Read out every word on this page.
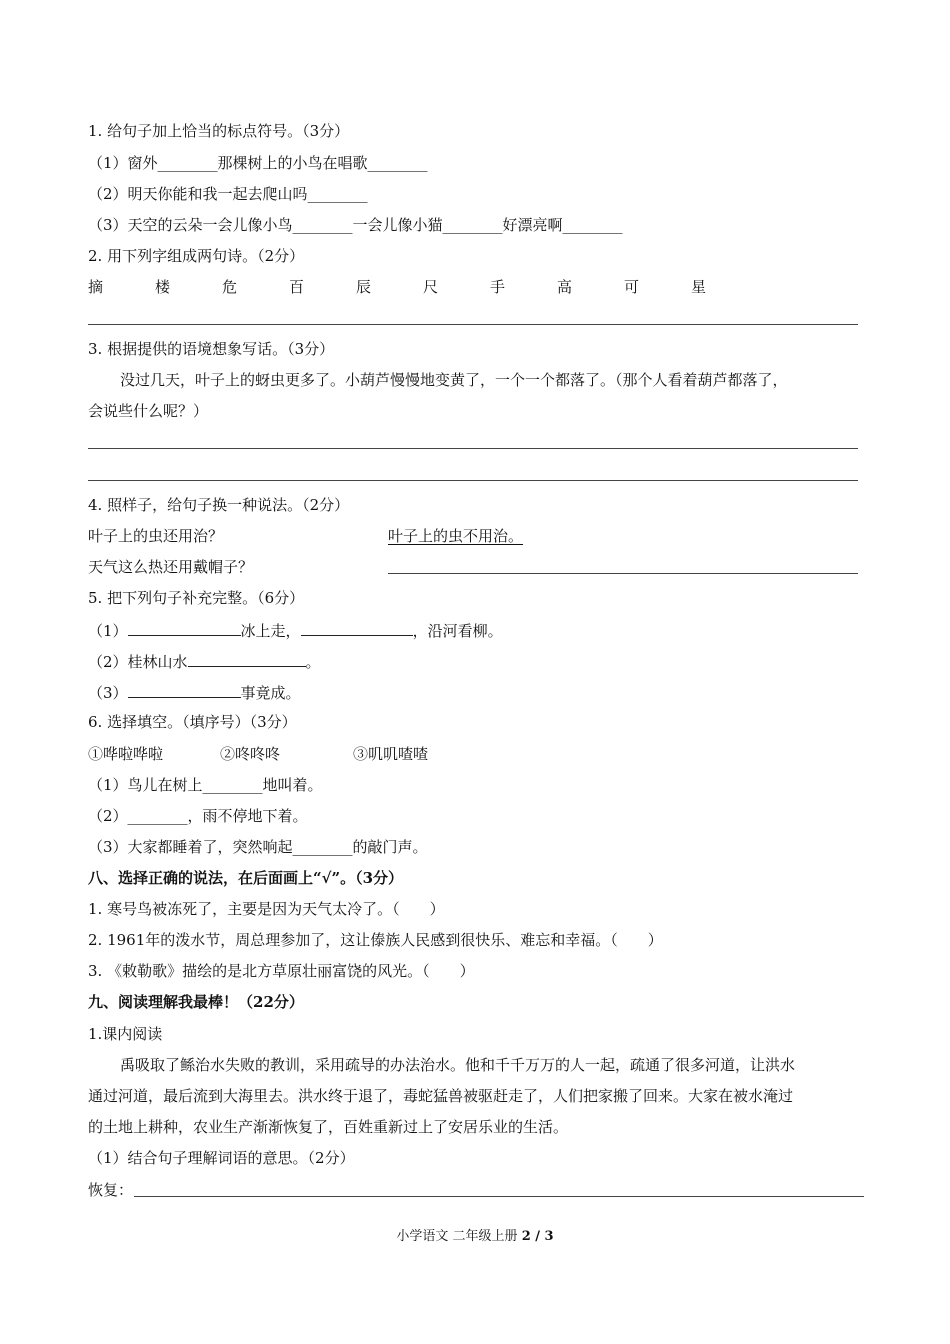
1. 给句子加上恰当的标点符号。（3分）
（1）窗外________那棵树上的小鸟在唱歌________
（2）明天你能和我一起去爬山吗________
（3）天空的云朵一会儿像小鸟________一会儿像小猫________好漂亮啊________
2. 用下列字组成两句诗。（2分）
摘	楼	危	百	辰	尺	手	高	可	星
3. 根据提供的语境想象写话。（3分）
没过几天，叶子上的蚜虫更多了。小葫芦慢慢地变黄了，一个一个都落了。（那个人看着葫芦都落了，
会说些什么呢？）
4. 照样子，给句子换一种说法。（2分）
叶子上的虫还用治？	叶子上的虫不用治。
天气这么热还用戴帽子？
5. 把下列句子补充完整。（6分）
（1）	冰上走，	，沿河看柳。
（2）桂林山水	。
（3）	事竟成。
6. 选择填空。（填序号）（3分）
①哗啦哗啦	②咚咚咚	③叽叽喳喳
（1）鸟儿在树上________地叫着。
（2）________，雨不停地下着。
（3）大家都睡着了，突然响起________的敲门声。
八、选择正确的说法，在后面画上“√”。（3分）
1. 寒号鸟被冻死了，主要是因为天气太冷了。（　　）
2. 1961年的泼水节，周总理参加了，这让傣族人民感到很快乐、难忘和幸福。（　　）
3. 《敕勒歌》描绘的是北方草原壮丽富饶的风光。（　　）
九、阅读理解我最棒！（22分）
1.课内阅读
禹吸取了鲧治水失败的教训，采用疏导的办法治水。他和千千万万的人一起，疏通了很多河道，让洪水
通过河道，最后流到大海里去。洪水终于退了，毒蛇猛兽被驱赶走了，人们把家搬了回来。大家在被水淹过
的土地上耕种，农业生产渐渐恢复了，百姓重新过上了安居乐业的生活。
（1）结合句子理解词语的意思。（2分）
恢复：
小学语文 二年级上册 2 / 3
